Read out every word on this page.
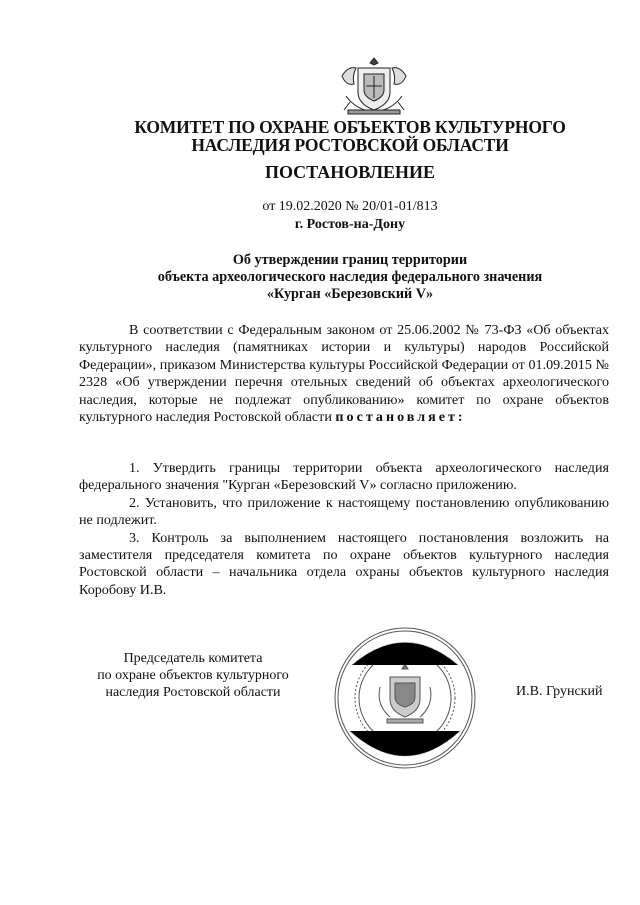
КОМИТЕТ ПО ОХРАНЕ ОБЪЕКТОВ КУЛЬТУРНОГО
НАСЛЕДИЯ РОСТОВСКОЙ ОБЛАСТИ
ПОСТАНОВЛЕНИЕ
от 19.02.2020 № 20/01-01/813
г. Ростов-на-Дону
Об утверждении границ территории
объекта археологического наследия федерального значения
«Курган «Березовский V»
В соответствии с Федеральным законом от 25.06.2002 № 73-ФЗ «Об объектах культурного наследия (памятниках истории и культуры) народов Российской Федерации», приказом Министерства культуры Российской Федерации от 01.09.2015 № 2328 «Об утверждении перечня отельных сведений об объектах археологического наследия, которые не подлежат опубликованию» комитет по охране объектов культурного наследия Ростовской области постановляет:

1. Утвердить границы территории объекта археологического наследия федерального значения "Курган «Березовский V» согласно приложению.

2. Установить, что приложение к настоящему постановлению опубликованию не подлежит.

3. Контроль за выполнением настоящего постановления возложить на заместителя председателя комитета по охране объектов культурного наследия Ростовской области – начальника отдела охраны объектов культурного наследия Коробову И.В.

Председатель комитета
по охране объектов культурного
наследия Ростовской области	И.В. Грунский
